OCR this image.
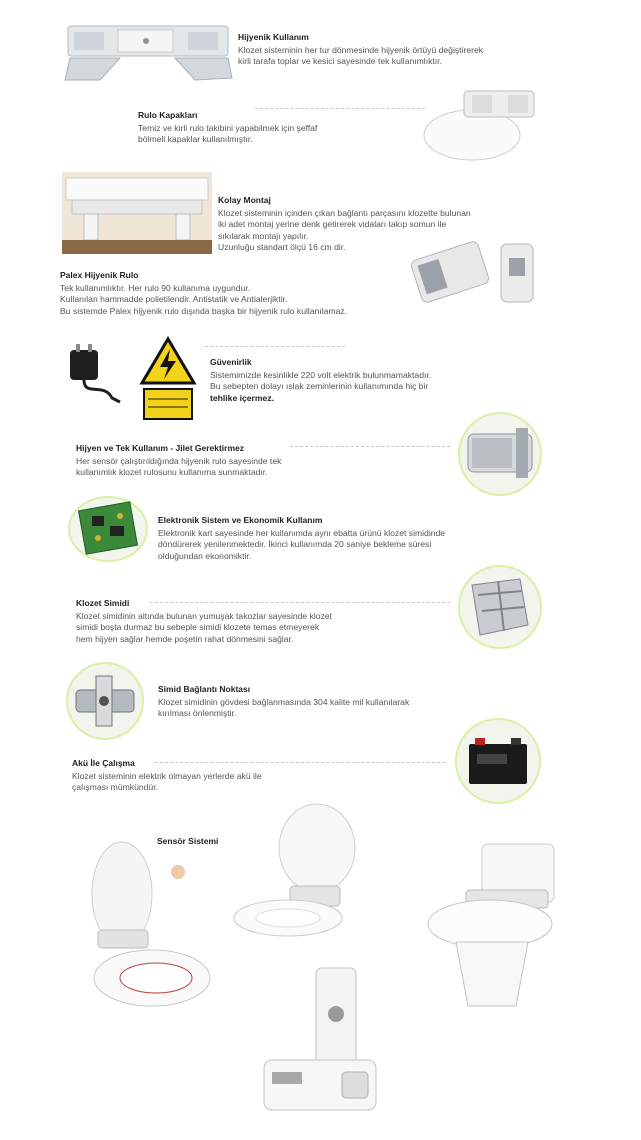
Hijyenik Kullanım
Klozet sisteminin her tur dönmesinde hijyenik örtüyü değiştirerek
kirli tarafa toplar ve kesici sayesinde tek kullanımlıktır.
Rulo Kapakları
Temiz ve kirli rulo takibini yapabilmek için şeffaf
bölmeli kapaklar kullanılmıştır.
Kolay Montaj
Klozet sisteminin içinden çıkan bağlantı parçasını klozette bulunan
iki adet montaj yerine denk getirerek vidaları takıp somun ile
sıkılarak montajı yapılır.
Uzunluğu standart ölçü 16 cm dir.
Palex Hijyenik Rulo
Tek kullanımlıktır. Her rulo 90 kullanıma uygundur.
Kullanılan hammadde polietilendir. Antistatik ve Antialerjiktir.
Bu sistemde Palex hijyenik rulo dışında başka bir hijyenik rulo kullanılamaz.
Güvenirlik
Sistemimizde kesinlikle 220 volt elektrik bulunmamaktadır.
Bu sebepten dolayı ıslak zeminlerinin kullanımında hiç bir
tehlike içermez.
Hijyen ve Tek Kullanım - Jilet Gerektirmez
Her sensör çalıştırıldığında hijyenik rulo sayesinde tek
kullanımlık klozet rulosunu kullanıma sunmaktadır.
Elektronik Sistem ve Ekonomik Kullanım
Elektronik kart sayesinde her kullanımda aynı ebatta ürünü klozet simidinde
döndürerek yenilenmektedir. İkinci kullanımda 20 saniye bekleme süresi
olduğundan ekonomiktir.
Klozet Simidi
Klozet simidinin altında bulunan yumuşak takozlar sayesinde klozet
simidi boşta durmaz bu sebeple simidi klozete temas etmeyerek
hem hijyen sağlar hemde poşetin rahat dönmesini sağlar.
Simid Bağlantı Noktası
Klozet simidinin gövdesi bağlanmasında 304 kalite mil kullanılarak
kırılması önlenmiştir.
Akü İle Çalışma
Klozet sisteminin elektrik olmayan yerlerde akü ile
çalışması mümkündür.
Sensör Sistemi
